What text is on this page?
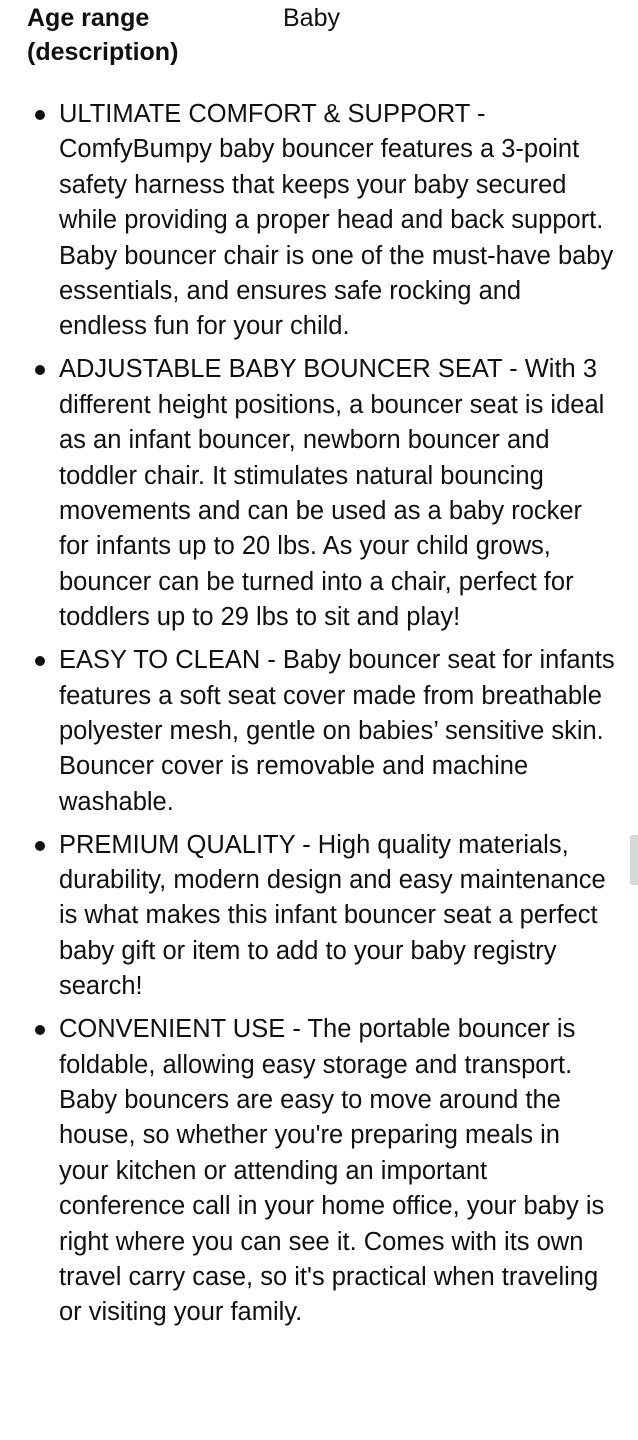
Age range
(description)
Baby
ULTIMATE COMFORT & SUPPORT - ComfyBumpy baby bouncer features a 3-point safety harness that keeps your baby secured while providing a proper head and back support. Baby bouncer chair is one of the must-have baby essentials, and ensures safe rocking and endless fun for your child.
ADJUSTABLE BABY BOUNCER SEAT - With 3 different height positions, a bouncer seat is ideal as an infant bouncer, newborn bouncer and toddler chair. It stimulates natural bouncing movements and can be used as a baby rocker for infants up to 20 lbs. As your child grows, bouncer can be turned into a chair, perfect for toddlers up to 29 lbs to sit and play!
EASY TO CLEAN - Baby bouncer seat for infants features a soft seat cover made from breathable polyester mesh, gentle on babies’ sensitive skin. Bouncer cover is removable and machine washable.
PREMIUM QUALITY - High quality materials, durability, modern design and easy maintenance is what makes this infant bouncer seat a perfect baby gift or item to add to your baby registry search!
CONVENIENT USE - The portable bouncer is foldable, allowing easy storage and transport. Baby bouncers are easy to move around the house, so whether you're preparing meals in your kitchen or attending an important conference call in your home office, your baby is right where you can see it. Comes with its own travel carry case, so it's practical when traveling or visiting your family.
